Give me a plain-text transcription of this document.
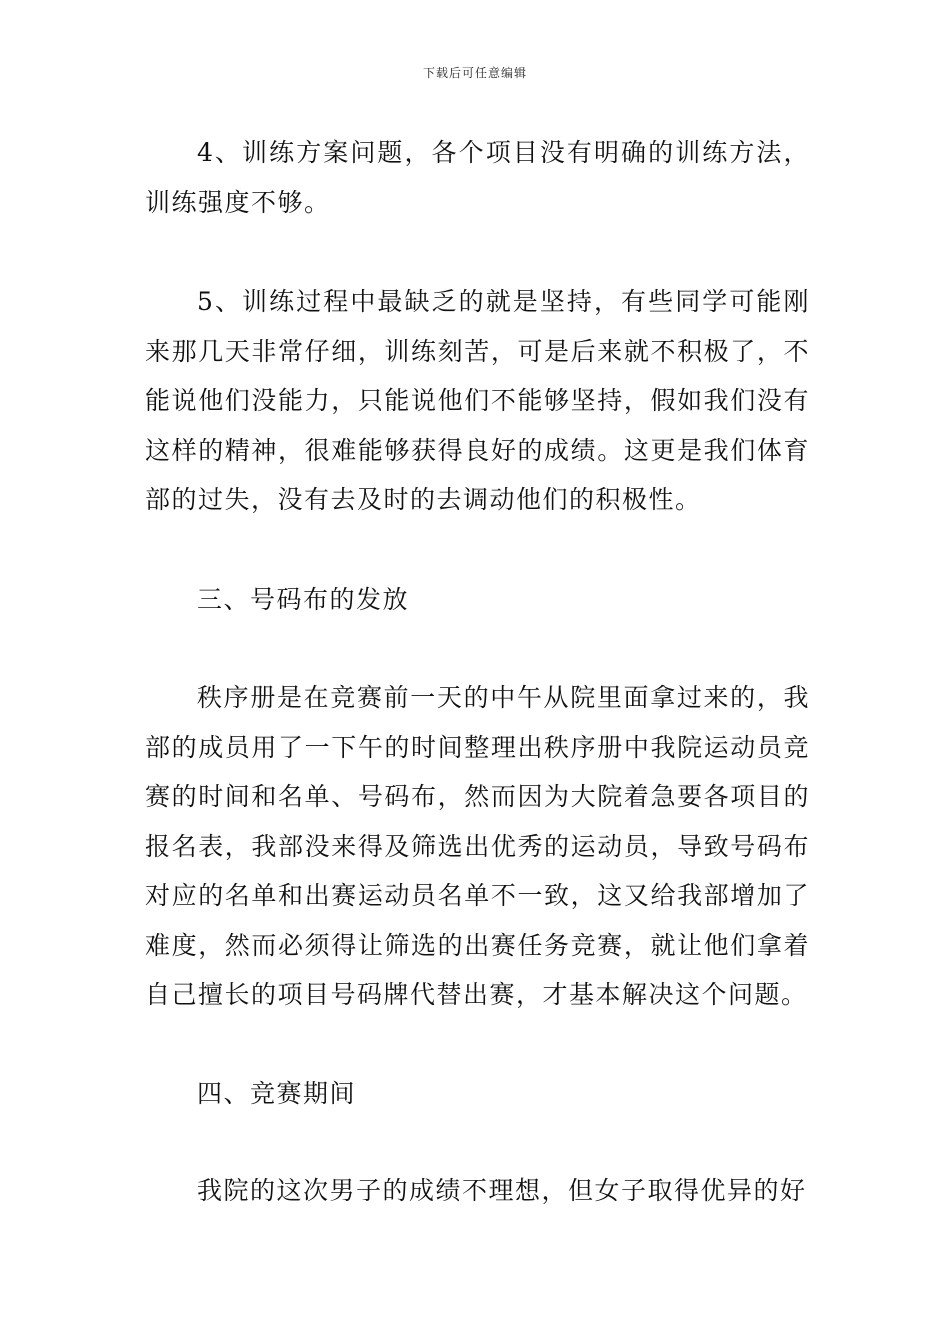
下载后可任意编辑

4、训练方案问题，各个项目没有明确的训练方法，训练强度不够。

5、训练过程中最缺乏的就是坚持，有些同学可能刚来那几天非常仔细，训练刻苦，可是后来就不积极了，不能说他们没能力，只能说他们不能够坚持，假如我们没有这样的精神，很难能够获得良好的成绩。这更是我们体育部的过失，没有去及时的去调动他们的积极性。

三、号码布的发放

秩序册是在竞赛前一天的中午从院里面拿过来的，我部的成员用了一下午的时间整理出秩序册中我院运动员竞赛的时间和名单、号码布，然而因为大院着急要各项目的报名表，我部没来得及筛选出优秀的运动员，导致号码布对应的名单和出赛运动员名单不一致，这又给我部增加了难度，然而必须得让筛选的出赛任务竞赛，就让他们拿着自己擅长的项目号码牌代替出赛，才基本解决这个问题。

四、竞赛期间

我院的这次男子的成绩不理想，但女子取得优异的好
